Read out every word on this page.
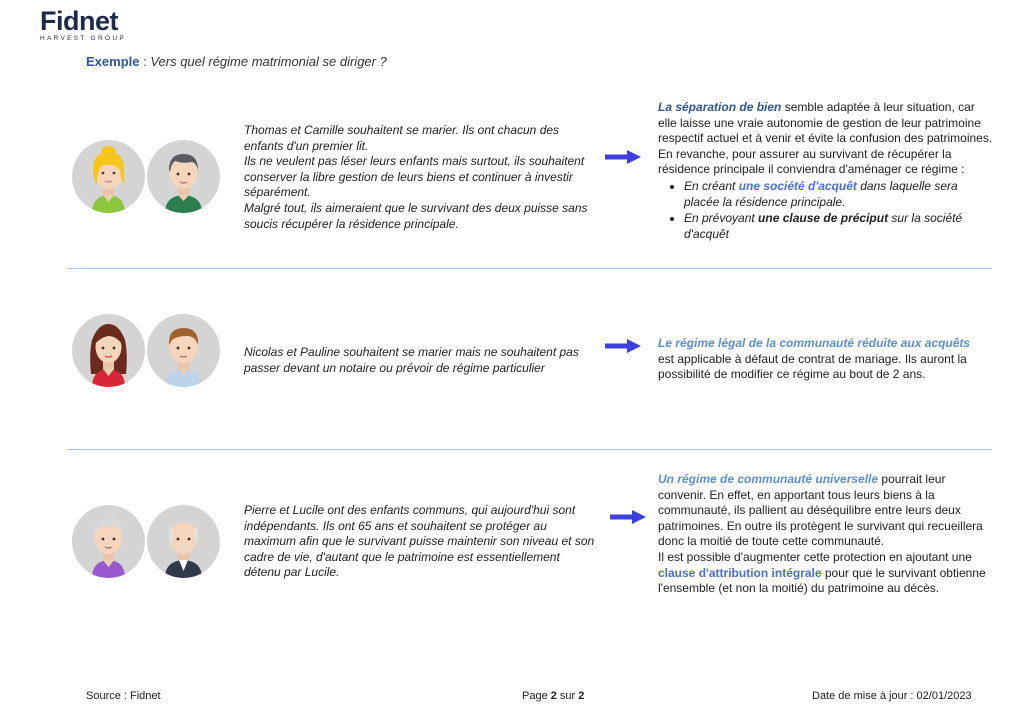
Fidnet
HARVEST GROUP
Exemple : Vers quel régime matrimonial se diriger ?
Thomas et Camille souhaitent se marier. Ils ont chacun des enfants d'un premier lit.
Ils ne veulent pas léser leurs enfants mais surtout, ils souhaitent conserver la libre gestion de leurs biens et continuer à investir séparément.
Malgré tout, ils aimeraient que le survivant des deux puisse sans soucis récupérer la résidence principale.
La séparation de bien semble adaptée à leur situation, car elle laisse une vraie autonomie de gestion de leur patrimoine respectif actuel et à venir et évite la confusion des patrimoines.
En revanche, pour assurer au survivant de récupérer la résidence principale il conviendra d'aménager ce régime :
• En créant une société d'acquêt dans laquelle sera placée la résidence principale.
• En prévoyant une clause de préciput sur la société d'acquêt
Nicolas et Pauline souhaitent se marier mais ne souhaitent pas passer devant un notaire ou prévoir de régime particulier
Le régime légal de la communauté réduite aux acquêts
est applicable à défaut de contrat de mariage. Ils auront la possibilité de modifier ce régime au bout de 2 ans.
Pierre et Lucile ont des enfants communs, qui aujourd'hui sont indépendants. Ils ont 65 ans et souhaitent se protéger au maximum afin que le survivant puisse maintenir son niveau et son cadre de vie, d'autant que le patrimoine est essentiellement détenu par Lucile.
Un régime de communauté universelle pourrait leur convenir. En effet, en apportant tous leurs biens à la communauté, ils pallient au déséquilibre entre leurs deux patrimoines. En outre ils protègent le survivant qui recueillera donc la moitié de toute cette communauté.
Il est possible d'augmenter cette protection en ajoutant une clause d'attribution intégrale pour que le survivant obtienne l'ensemble (et non la moitié) du patrimoine au décès.
Source : Fidnet	Page 2 sur 2	Date de mise à jour : 02/01/2023
